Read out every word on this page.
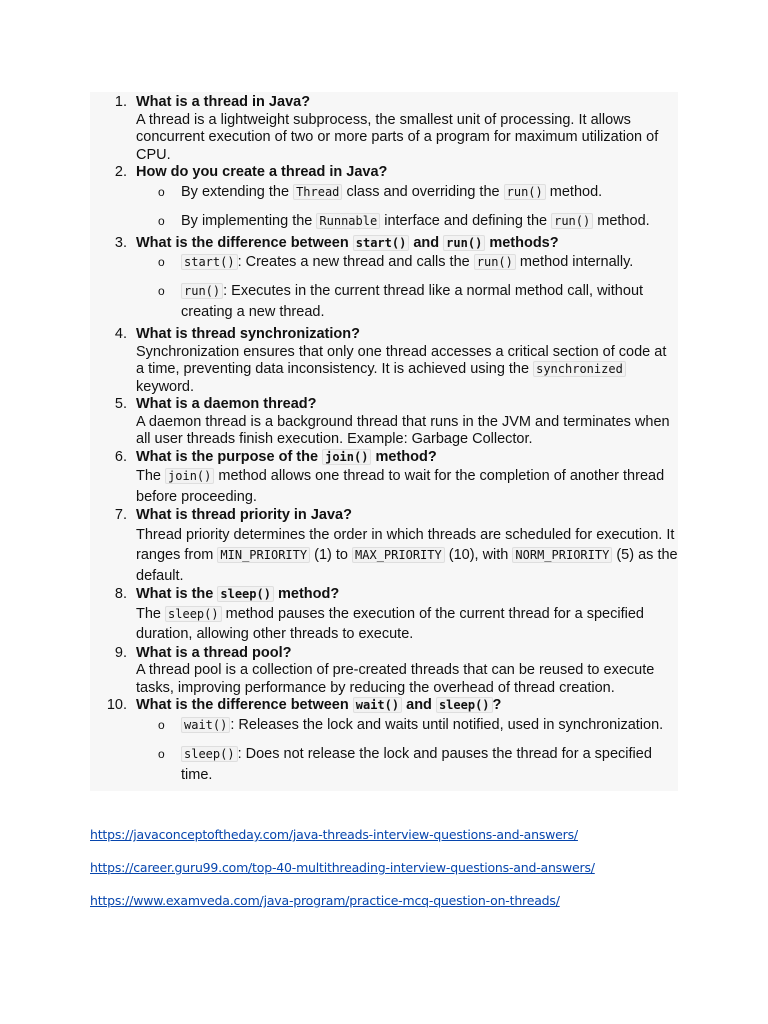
1. What is a thread in Java?
A thread is a lightweight subprocess, the smallest unit of processing. It allows concurrent execution of two or more parts of a program for maximum utilization of CPU.
2. How do you create a thread in Java?
o By extending the Thread class and overriding the run() method.
o By implementing the Runnable interface and defining the run() method.
3. What is the difference between start() and run() methods?
o start() : Creates a new thread and calls the run() method internally.
o run() : Executes in the current thread like a normal method call, without creating a new thread.
4. What is thread synchronization?
Synchronization ensures that only one thread accesses a critical section of code at a time, preventing data inconsistency. It is achieved using the synchronized keyword.
5. What is a daemon thread?
A daemon thread is a background thread that runs in the JVM and terminates when all user threads finish execution. Example: Garbage Collector.
6. What is the purpose of the join() method?
The join() method allows one thread to wait for the completion of another thread before proceeding.
7. What is thread priority in Java?
Thread priority determines the order in which threads are scheduled for execution. It ranges from MIN_PRIORITY (1) to MAX_PRIORITY (10), with NORM_PRIORITY (5) as the default.
8. What is the sleep() method?
The sleep() method pauses the execution of the current thread for a specified duration, allowing other threads to execute.
9. What is a thread pool?
A thread pool is a collection of pre-created threads that can be reused to execute tasks, improving performance by reducing the overhead of thread creation.
10. What is the difference between wait() and sleep() ?
o wait() : Releases the lock and waits until notified, used in synchronization.
o sleep() : Does not release the lock and pauses the thread for a specified time.
https://javaconceptoftheday.com/java-threads-interview-questions-and-answers/
https://career.guru99.com/top-40-multithreading-interview-questions-and-answers/
https://www.examveda.com/java-program/practice-mcq-question-on-threads/
